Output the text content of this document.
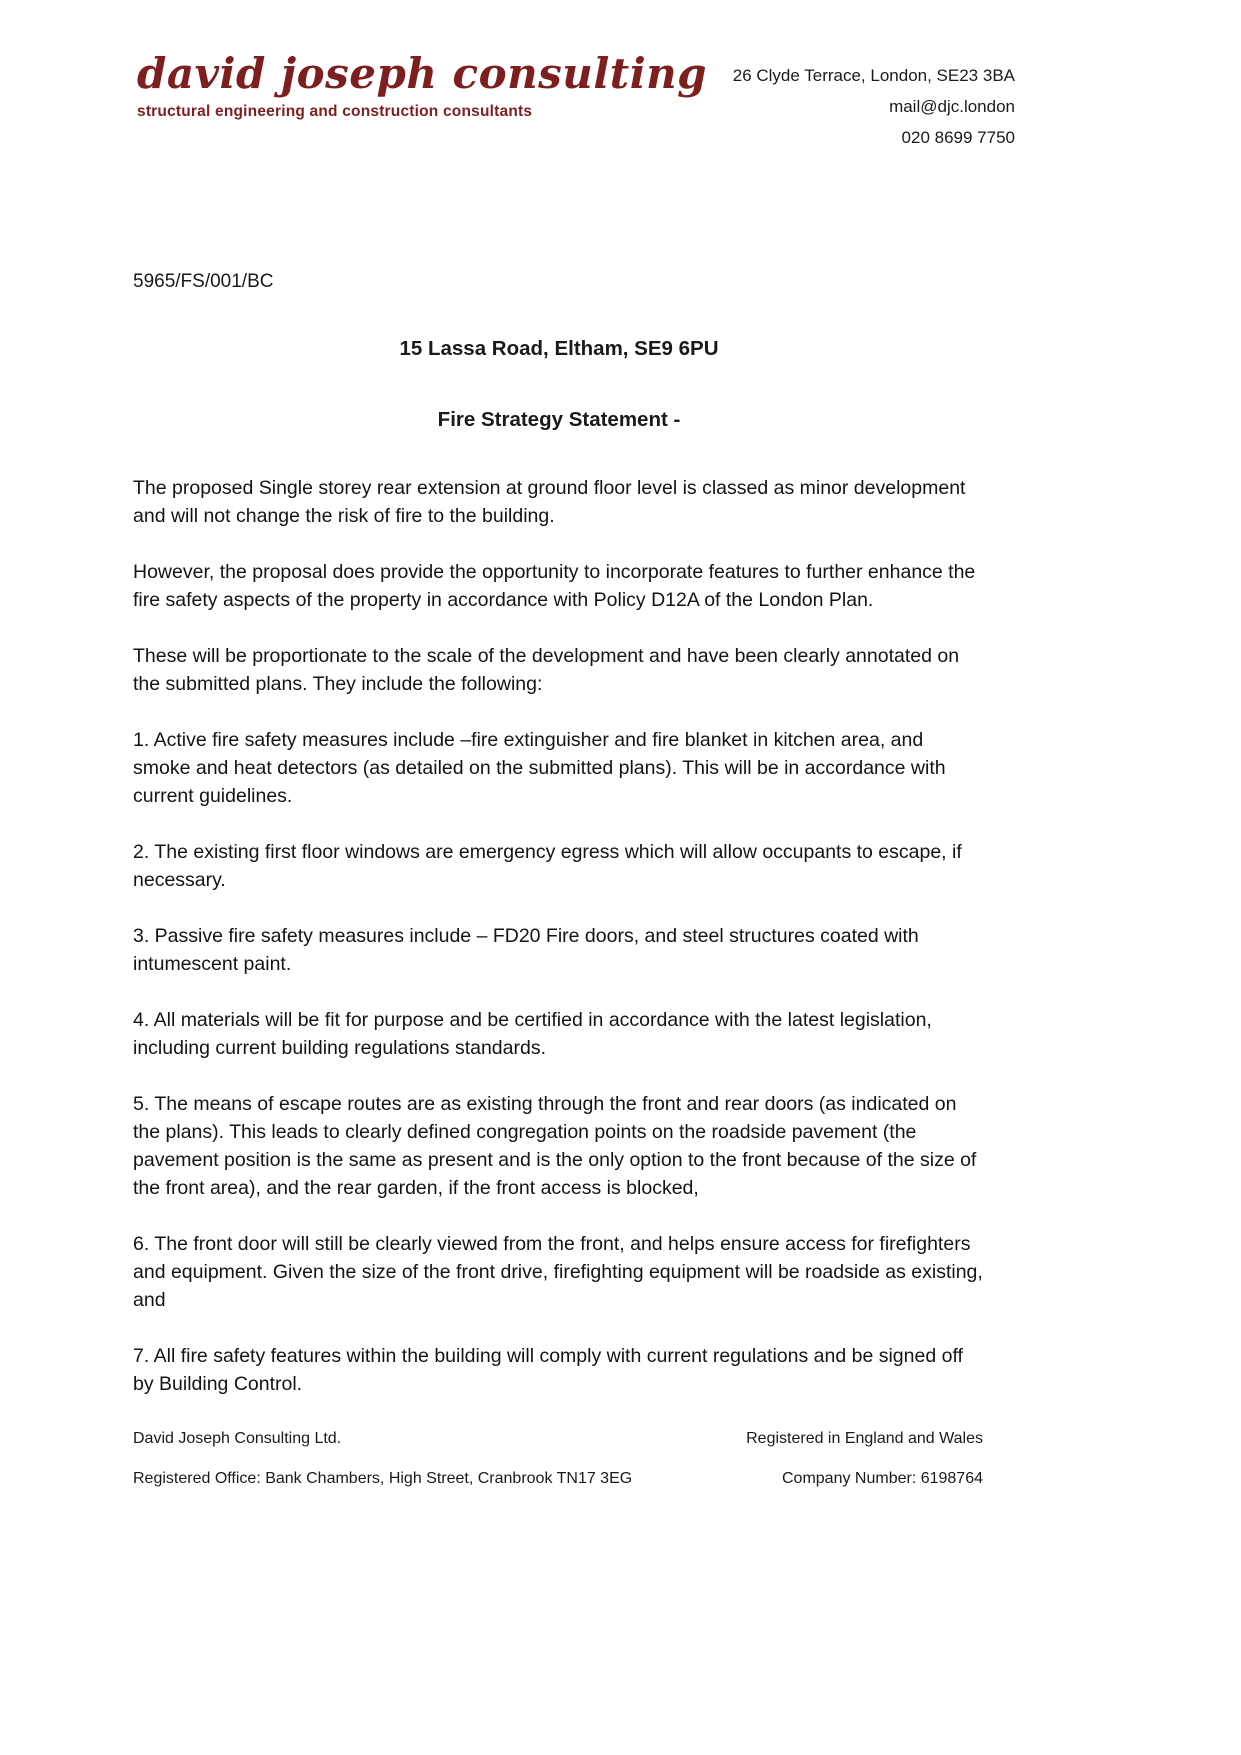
david joseph consulting
structural engineering and construction consultants
26 Clyde Terrace, London, SE23 3BA
mail@djc.london
020 8699 7750
5965/FS/001/BC
15 Lassa Road, Eltham, SE9 6PU
Fire Strategy Statement -

The proposed Single storey rear extension at ground floor level is classed as minor development and will not change the risk of fire to the building.

However, the proposal does provide the opportunity to incorporate features to further enhance the fire safety aspects of the property in accordance with Policy D12A of the London Plan.

These will be proportionate to the scale of the development and have been clearly annotated on the submitted plans. They include the following:

1. Active fire safety measures include –fire extinguisher and fire blanket in kitchen area, and smoke and heat detectors (as detailed on the submitted plans). This will be in accordance with current guidelines.

2. The existing first floor windows are emergency egress which will allow occupants to escape, if necessary.

3. Passive fire safety measures include – FD20 Fire doors, and steel structures coated with intumescent paint.

4. All materials will be fit for purpose and be certified in accordance with the latest legislation, including current building regulations standards.

5. The means of escape routes are as existing through the front and rear doors (as indicated on the plans). This leads to clearly defined congregation points on the roadside pavement (the pavement position is the same as present and is the only option to the front because of the size of the front area), and the rear garden, if the front access is blocked,

6. The front door will still be clearly viewed from the front, and helps ensure access for firefighters and equipment. Given the size of the front drive, firefighting equipment will be roadside as existing, and

7. All fire safety features within the building will comply with current regulations and be signed off by Building Control.

David Joseph Consulting Ltd.	Registered in England and Wales
Registered Office: Bank Chambers, High Street, Cranbrook TN17 3EG	Company Number: 6198764
